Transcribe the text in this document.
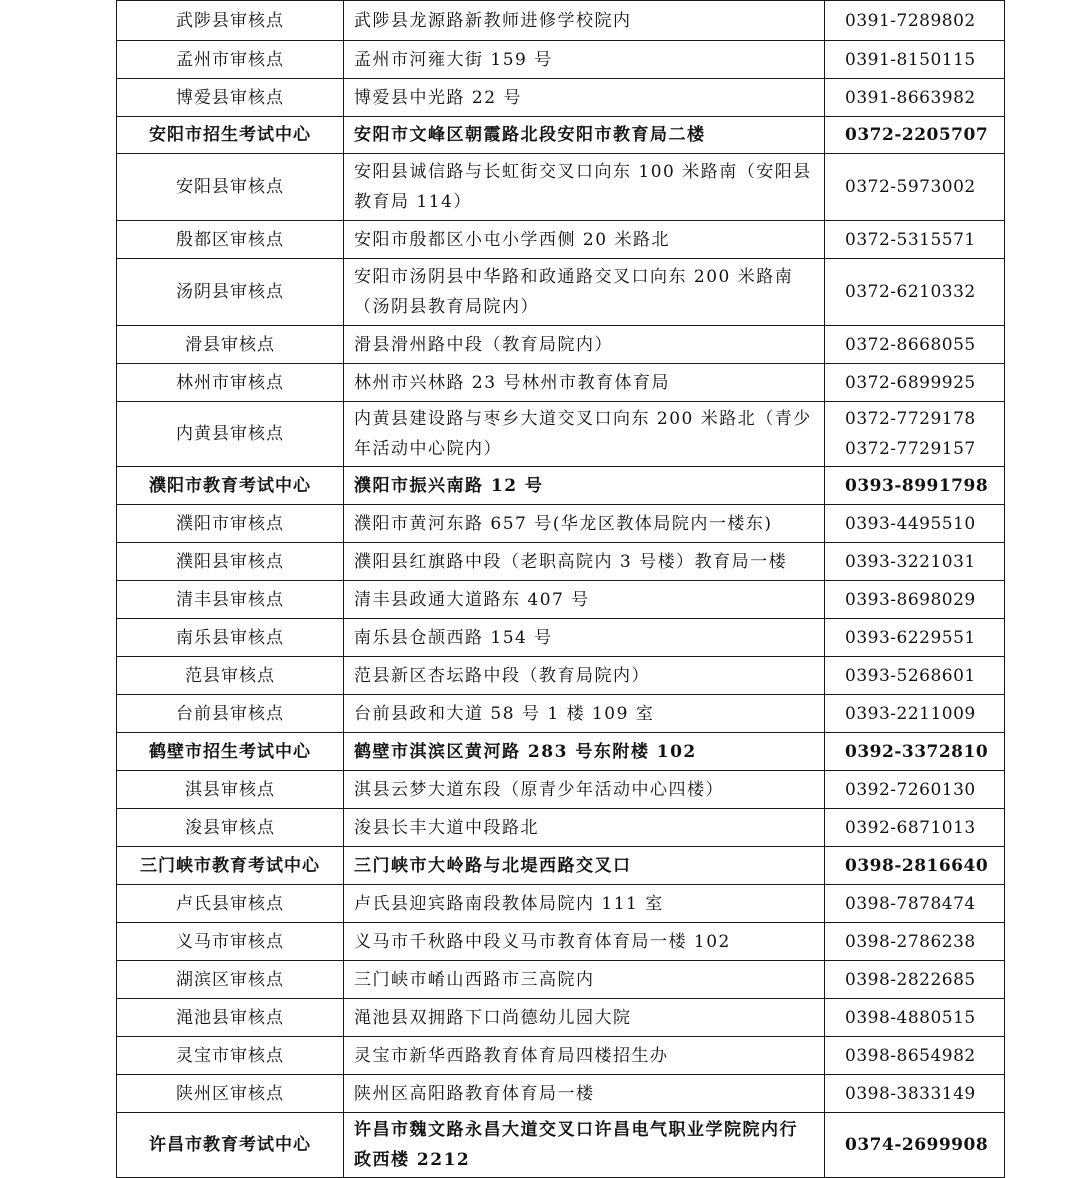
武陟县审核点	武陟县龙源路新教师进修学校院内	0391-7289802

孟州市审核点	孟州市河雍大街 159 号	0391-8150115

博爱县审核点	博爱县中光路 22 号	0391-8663982

安阳市招生考试中心	安阳市文峰区朝霞路北段安阳市教育局二楼	0372-2205707

安阳县审核点	安阳县诚信路与长虹街交叉口向东 100 米路南（安阳县教育局 114）	0372-5973002

殷都区审核点	安阳市殷都区小屯小学西侧 20 米路北	0372-5315571

汤阴县审核点	安阳市汤阴县中华路和政通路交叉口向东 200 米路南（汤阴县教育局院内）	0372-6210332

滑县审核点	滑县滑州路中段（教育局院内）	0372-8668055

林州市审核点	林州市兴林路 23 号林州市教育体育局	0372-6899925

内黄县审核点	内黄县建设路与枣乡大道交叉口向东 200 米路北（青少年活动中心院内）	0372-7729178
0372-7729157

濮阳市教育考试中心	濮阳市振兴南路 12 号	0393-8991798

濮阳市审核点	濮阳市黄河东路 657 号(华龙区教体局院内一楼东)	0393-4495510

濮阳县审核点	濮阳县红旗路中段（老职高院内 3 号楼）教育局一楼	0393-3221031

清丰县审核点	清丰县政通大道路东 407 号	0393-8698029

南乐县审核点	南乐县仓颉西路 154 号	0393-6229551

范县审核点	范县新区杏坛路中段（教育局院内）	0393-5268601

台前县审核点	台前县政和大道 58 号 1 楼 109 室	0393-2211009

鹤壁市招生考试中心	鹤壁市淇滨区黄河路 283 号东附楼 102	0392-3372810

淇县审核点	淇县云梦大道东段（原青少年活动中心四楼）	0392-7260130

浚县审核点	浚县长丰大道中段路北	0392-6871013

三门峡市教育考试中心	三门峡市大岭路与北堤西路交叉口	0398-2816640

卢氏县审核点	卢氏县迎宾路南段教体局院内 111 室	0398-7878474

义马市审核点	义马市千秋路中段义马市教育体育局一楼 102	0398-2786238

湖滨区审核点	三门峡市崤山西路市三高院内	0398-2822685

渑池县审核点	渑池县双拥路下口尚德幼儿园大院	0398-4880515

灵宝市审核点	灵宝市新华西路教育体育局四楼招生办	0398-8654982

陕州区审核点	陕州区高阳路教育体育局一楼	0398-3833149

许昌市教育考试中心	许昌市魏文路永昌大道交叉口许昌电气职业学院院内行政西楼 2212	0374-2699908
